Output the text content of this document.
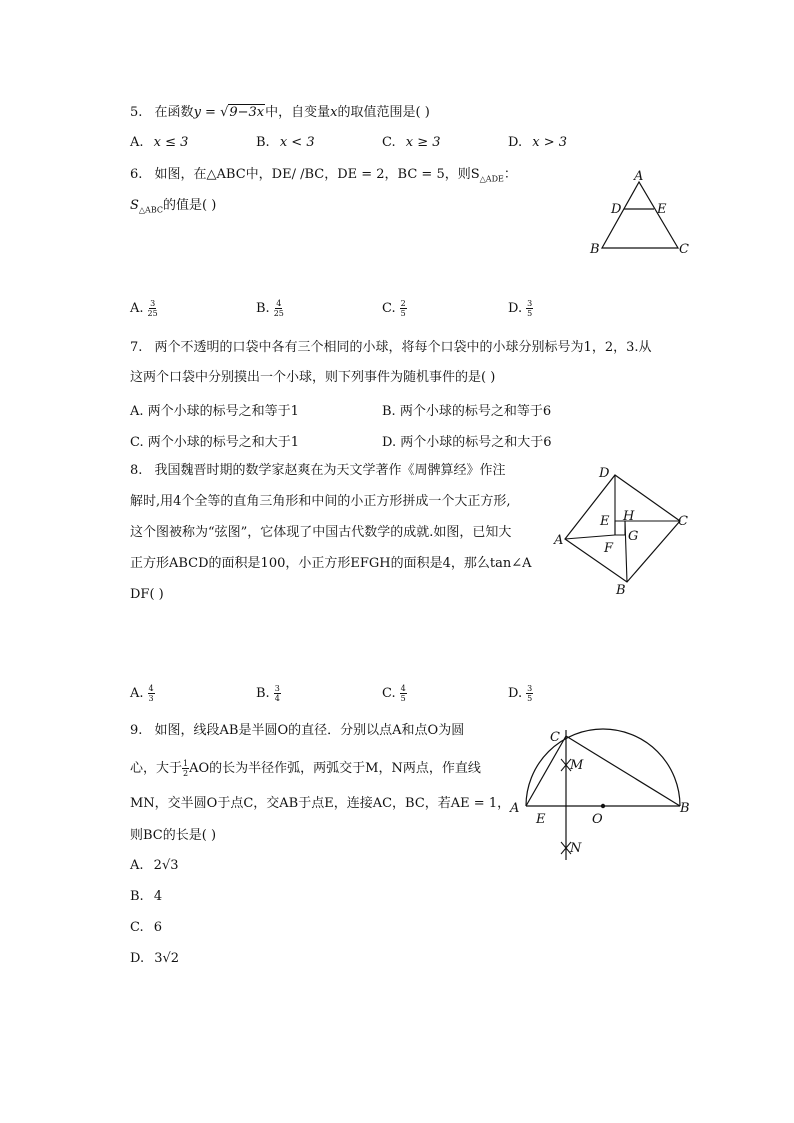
5. 在函数y = √9−3x中，自变量x的取值范围是( )
A. x ≤ 3	B. x < 3	C. x ≥ 3	D. x > 3
6. 如图，在△ABC中，DE/ /BC，DE = 2，BC = 5，则$S_{\triangle ADE}$：
$S_{\triangle ABC}$的值是( )
A
B	C
D	E
A. $\frac{3}{25}$	B. $\frac{4}{25}$	C. $\frac{2}{5}$	D. $\frac{3}{5}$
7. 两个不透明的口袋中各有三个相同的小球，将每个口袋中的小球分别标号为1，2，3.从
这两个口袋中分别摸出一个小球，则下列事件为随机事件的是( )
A. 两个小球的标号之和等于1	B. 两个小球的标号之和等于6
C. 两个小球的标号之和大于1	D. 两个小球的标号之和大于6
8. 我国魏晋时期的数学家赵爽在为天文学著作《周髀算经》作注
解时,用4个全等的直角三角形和中间的小正方形拼成一个大正方形,
这个图被称为“弦图”，它体现了中国古代数学的成就.如图，已知大
正方形ABCD的面积是100，小正方形EFGH的面积是4，那么tan∠A
DF( )
D
C
B
A
E H
G
F
A. $\frac{4}{3}$	B. $\frac{3}{4}$	C. $\frac{4}{5}$	D. $\frac{3}{5}$
9. 如图，线段AB是半圆O的直径．分别以点A和点O为圆
心，大于 $\frac{1}{2}$ AO的长为半径作弧，两弧交于M，N两点，作直线
MN，交半圆O于点C，交AB于点E，连接AC，BC，若AE = 1，
则BC的长是( )
C
M
A
E	O
B
N
A. 2√3
B. 4
C. 6
D. 3√2
